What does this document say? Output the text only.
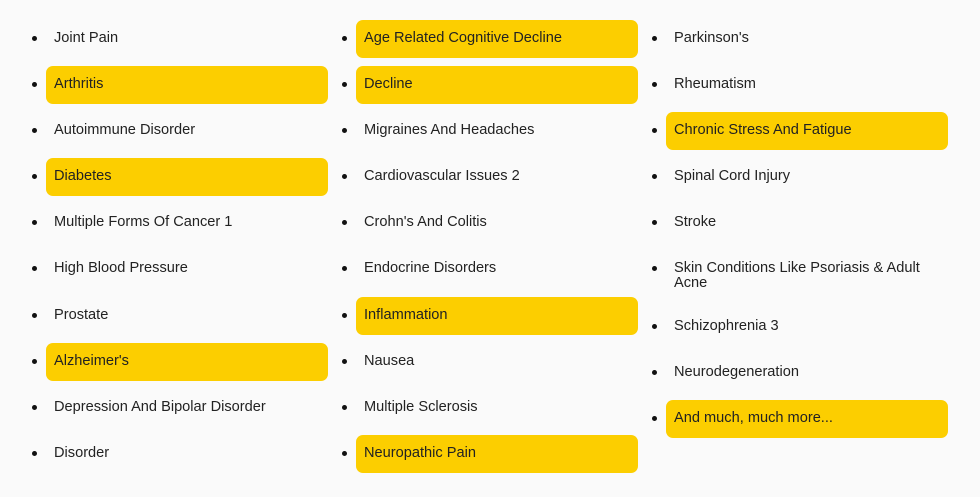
Joint Pain
Arthritis
Autoimmune Disorder
Diabetes
Multiple Forms Of Cancer 1
High Blood Pressure
Prostate
Alzheimer's
Depression And Bipolar Disorder
Disorder
Age Related Cognitive Decline
Decline
Migraines And Headaches
Cardiovascular Issues 2
Crohn's And Colitis
Endocrine Disorders
Inflammation
Nausea
Multiple Sclerosis
Neuropathic Pain
Parkinson's
Rheumatism
Chronic Stress And Fatigue
Spinal Cord Injury
Stroke
Skin Conditions Like Psoriasis & Adult Acne
Schizophrenia 3
Neurodegeneration
And much, much more...
